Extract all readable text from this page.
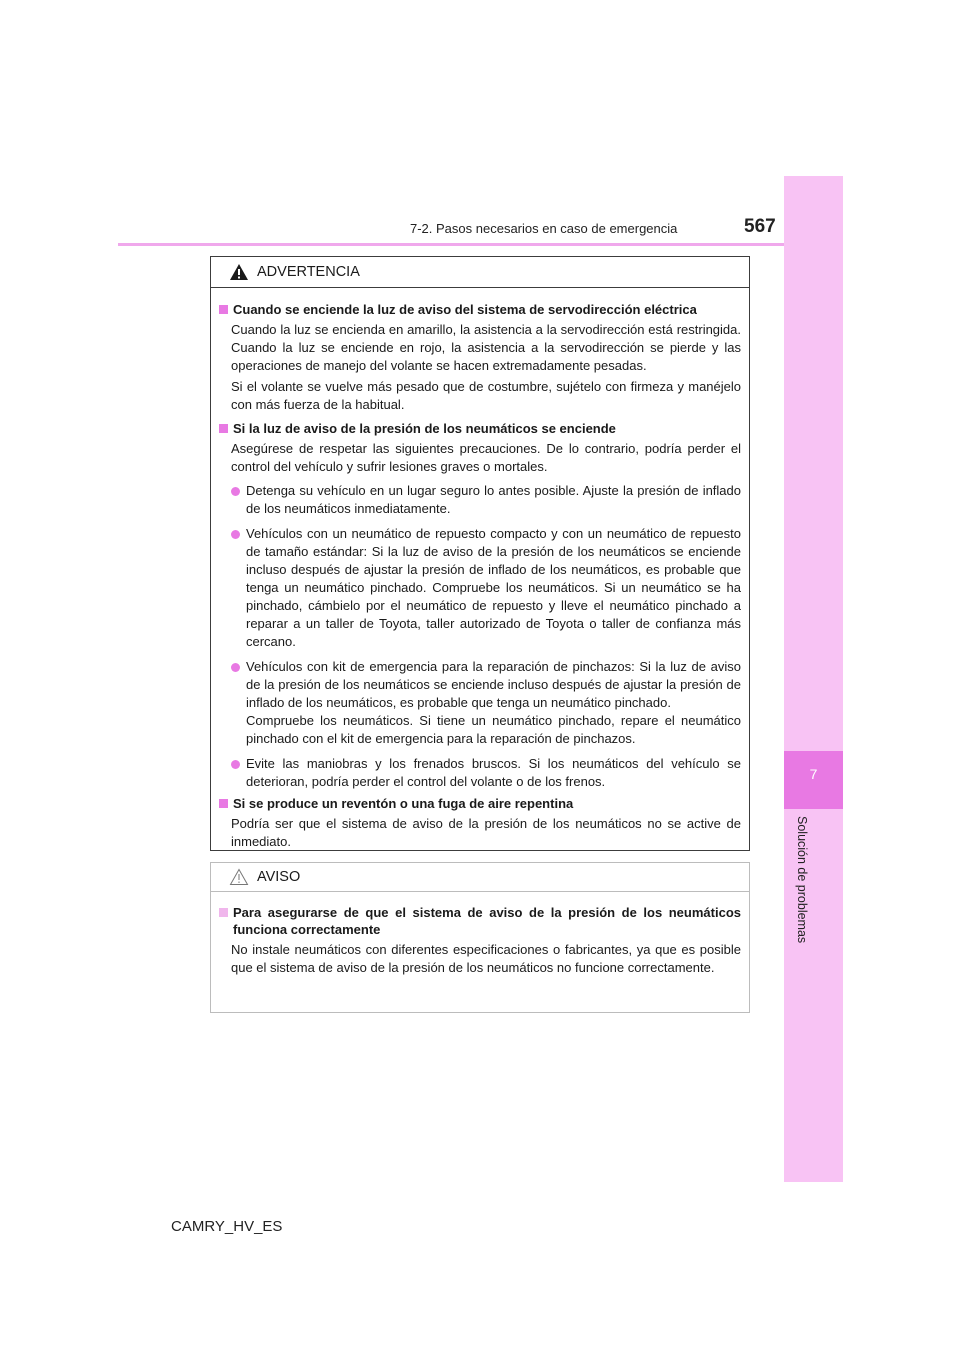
7
Solución de problemas
7-2. Pasos necesarios en caso de emergencia	567
ADVERTENCIA
Cuando se enciende la luz de aviso del sistema de servodirección eléctrica

Cuando la luz se encienda en amarillo, la asistencia a la servodirección está restringida. Cuando la luz se enciende en rojo, la asistencia a la servodirección se pierde y las operaciones de manejo del volante se hacen extremadamente pesadas.

Si el volante se vuelve más pesado que de costumbre, sujételo con firmeza y manéjelo con más fuerza de la habitual.

Si la luz de aviso de la presión de los neumáticos se enciende

Asegúrese de respetar las siguientes precauciones. De lo contrario, podría perder el control del vehículo y sufrir lesiones graves o mortales.

Detenga su vehículo en un lugar seguro lo antes posible. Ajuste la presión de inflado de los neumáticos inmediatamente.
Vehículos con un neumático de repuesto compacto y con un neumático de repuesto de tamaño estándar: Si la luz de aviso de la presión de los neumáticos se enciende incluso después de ajustar la presión de inflado de los neumáticos, es probable que tenga un neumático pinchado. Compruebe los neumáticos. Si un neumático se ha pinchado, cámbielo por el neumático de repuesto y lleve el neumático pinchado a reparar a un taller de Toyota, taller autorizado de Toyota o taller de confianza más cercano.
Vehículos con kit de emergencia para la reparación de pinchazos: Si la luz de aviso de la presión de los neumáticos se enciende incluso después de ajustar la presión de inflado de los neumáticos, es probable que tenga un neumático pinchado.
Compruebe los neumáticos. Si tiene un neumático pinchado, repare el neumático pinchado con el kit de emergencia para la reparación de pinchazos.
Evite las maniobras y los frenados bruscos. Si los neumáticos del vehículo se deterioran, podría perder el control del volante o de los frenos.
Si se produce un reventón o una fuga de aire repentina

Podría ser que el sistema de aviso de la presión de los neumáticos no se active de inmediato.

AVISO
Para asegurarse de que el sistema de aviso de la presión de los neumáticos funciona correctamente

No instale neumáticos con diferentes especificaciones o fabricantes, ya que es posible que el sistema de aviso de la presión de los neumáticos no funcione correctamente.

CAMRY_HV_ES
